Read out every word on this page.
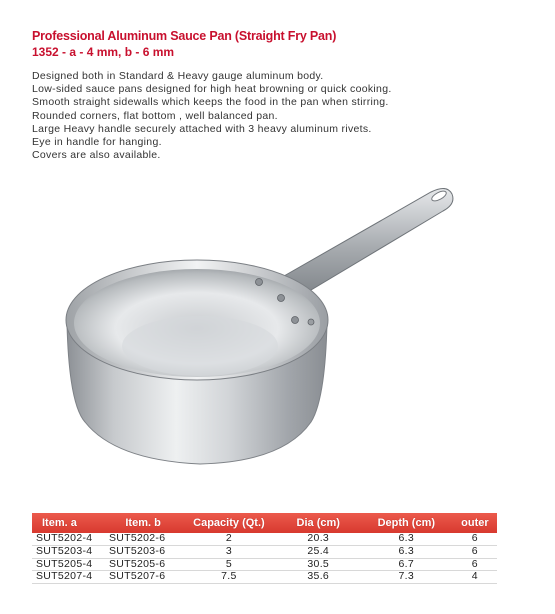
Professional Aluminum Sauce Pan (Straight Fry Pan)
1352 - a - 4 mm, b - 6 mm
Designed both in Standard & Heavy gauge aluminum body.
Low-sided sauce pans designed for high heat browning or quick cooking.
Smooth straight sidewalls which keeps the food in the pan when stirring.
Rounded corners, flat bottom , well balanced pan.
Large Heavy handle securely attached with 3 heavy aluminum rivets.
Eye in handle for hanging.
Covers are also available.
Item. a	Item. b	Capacity (Qt.)	Dia (cm)	Depth (cm)	outer
SUT5202-4	SUT5202-6	2	20.3	6.3	6
SUT5203-4	SUT5203-6	3	25.4	6.3	6
SUT5205-4	SUT5205-6	5	30.5	6.7	6
SUT5207-4	SUT5207-6	7.5	35.6	7.3	4
